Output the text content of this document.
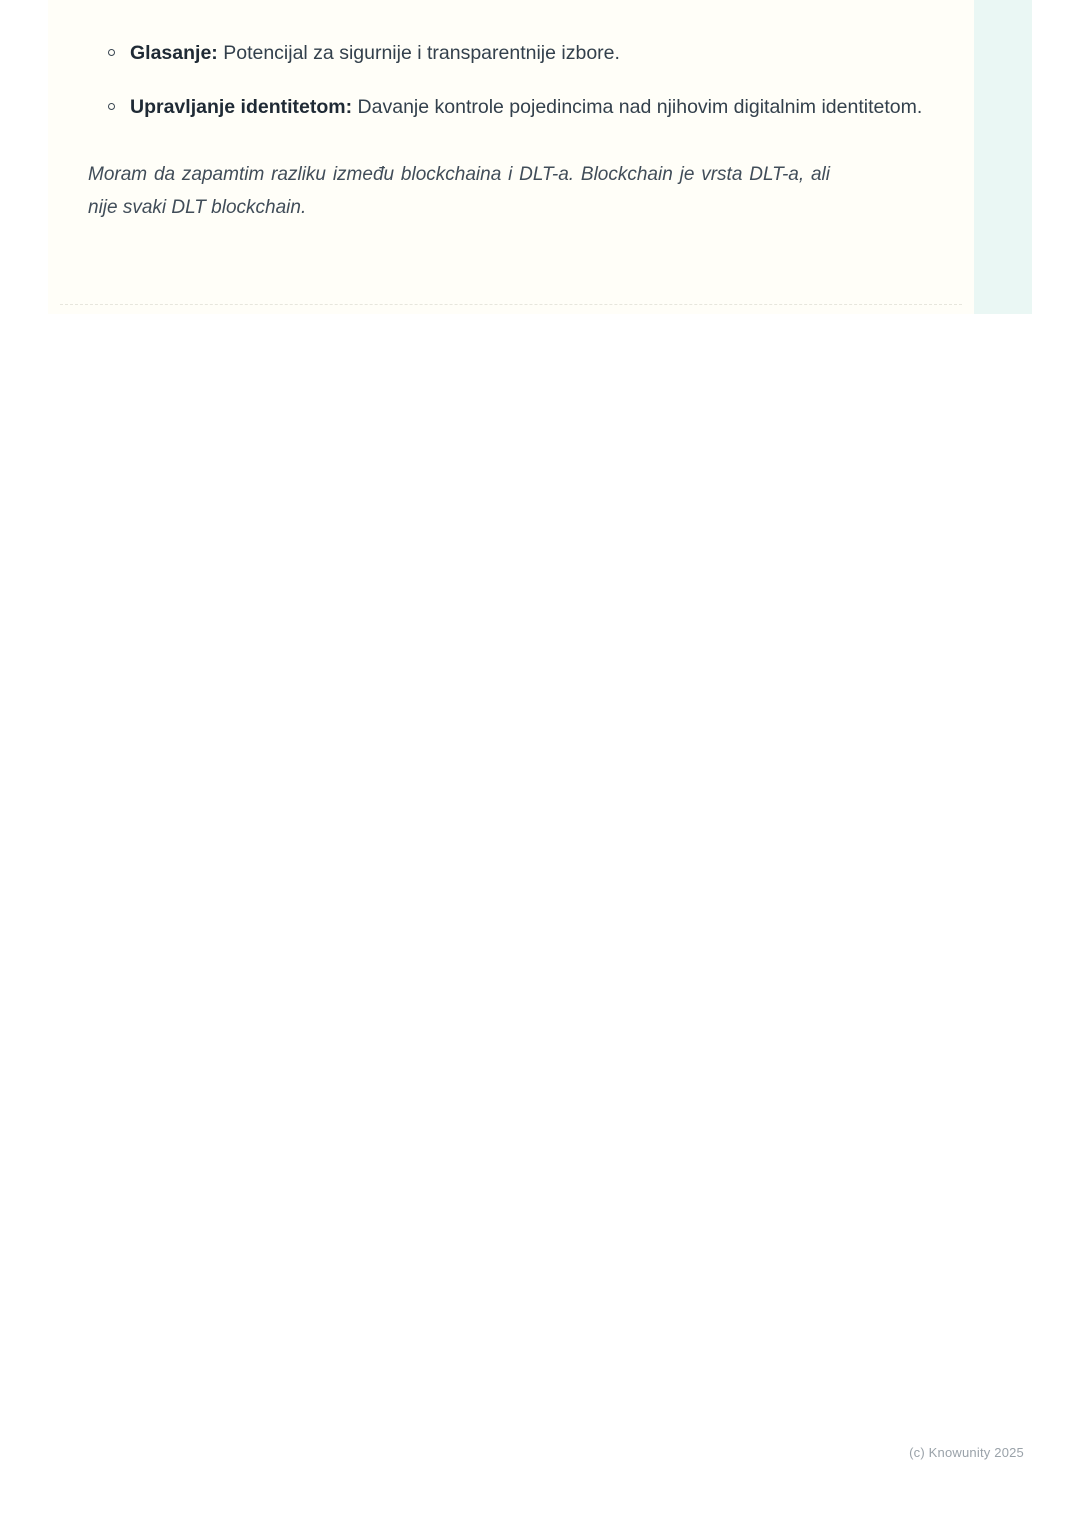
Glasanje: Potencijal za sigurnije i transparentnije izbore.
Upravljanje identitetom: Davanje kontrole pojedincima nad njihovim digitalnim identitetom.

Moram da zapamtim razliku između blockchaina i DLT-a. Blockchain je vrsta DLT-a, ali nije svaki DLT blockchain.

(c) Knowunity 2025
